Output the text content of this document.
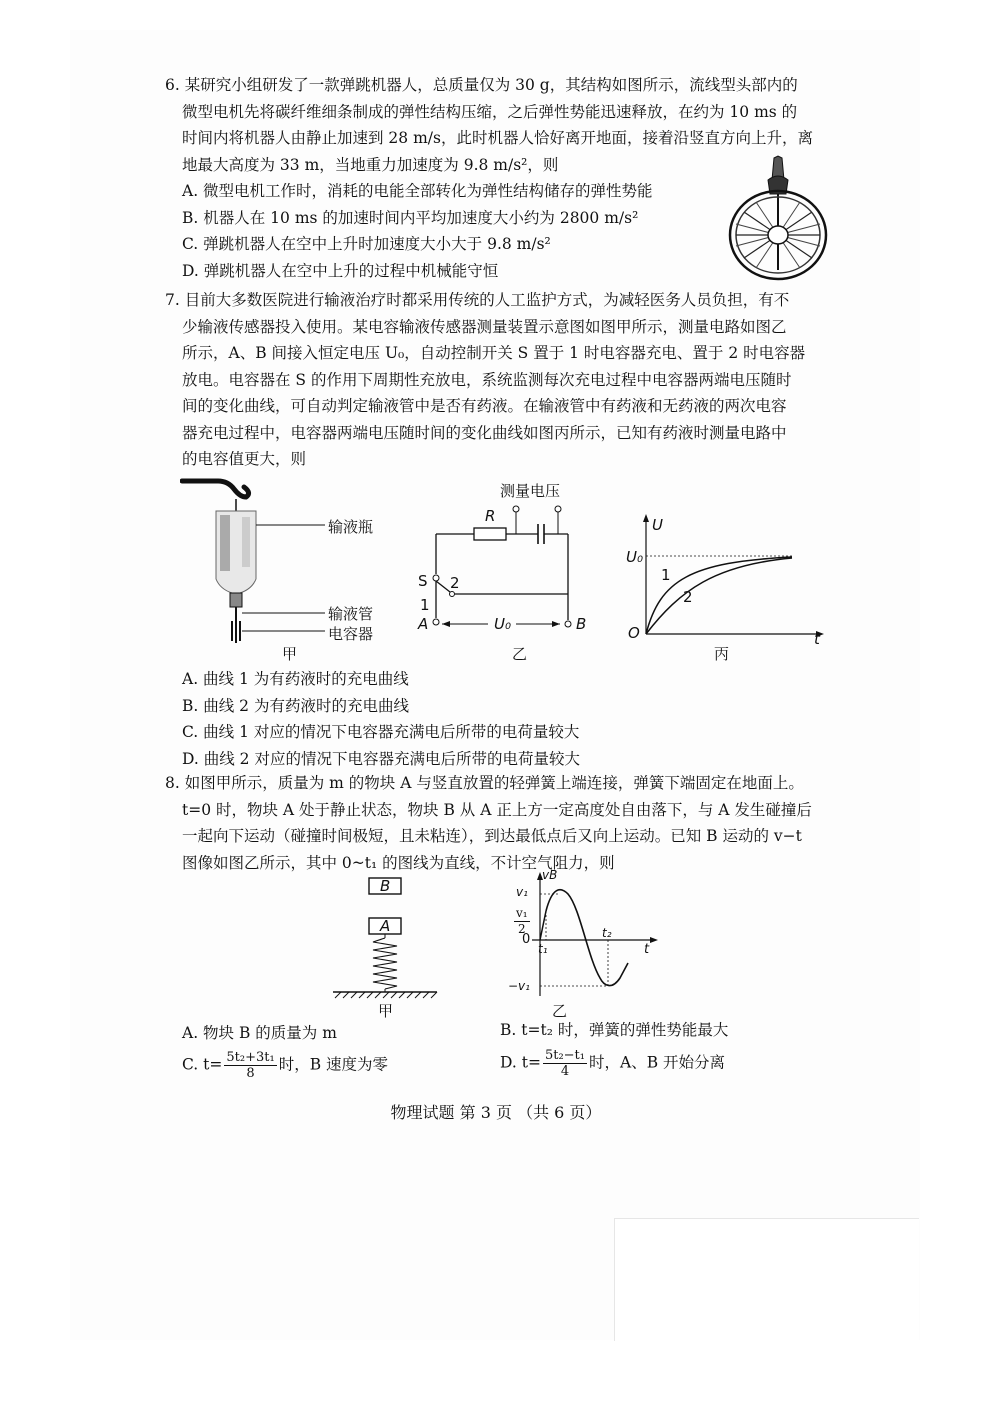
6. 某研究小组研发了一款弹跳机器人，总质量仅为 30 g，其结构如图所示，流线型头部内的
微型电机先将碳纤维细条制成的弹性结构压缩，之后弹性势能迅速释放，在约为 10 ms 的
时间内将机器人由静止加速到 28 m/s，此时机器人恰好离开地面，接着沿竖直方向上升，离
地最大高度为 33 m，当地重力加速度为 9.8 m/s²，则
A. 微型电机工作时，消耗的电能全部转化为弹性结构储存的弹性势能
B. 机器人在 10 ms 的加速时间内平均加速度大小约为 2800 m/s²
C. 弹跳机器人在空中上升时加速度大小大于 9.8 m/s²
D. 弹跳机器人在空中上升的过程中机械能守恒
7. 目前大多数医院进行输液治疗时都采用传统的人工监护方式，为减轻医务人员负担，有不
少输液传感器投入使用。某电容输液传感器测量装置示意图如图甲所示，测量电路如图乙
所示，A、B 间接入恒定电压 U₀，自动控制开关 S 置于 1 时电容器充电、置于 2 时电容器
放电。电容器在 S 的作用下周期性充放电，系统监测每次充电过程中电容器两端电压随时
间的变化曲线，可自动判定输液管中是否有药液。在输液管中有药液和无药液的两次电容
器充电过程中，电容器两端电压随时间的变化曲线如图丙所示，已知有药液时测量电路中
的电容值更大，则
输液瓶
输液管
电容器
甲
测量电压
R
S 2
1
A	B
U₀
乙
U
U₀
1
2
O	t
丙
A. 曲线 1 为有药液时的充电曲线
B. 曲线 2 为有药液时的充电曲线
C. 曲线 1 对应的情况下电容器充满电后所带的电荷量较大
D. 曲线 2 对应的情况下电容器充满电后所带的电荷量较大
8. 如图甲所示，质量为 m 的物块 A 与竖直放置的轻弹簧上端连接，弹簧下端固定在地面上。
t=0 时，物块 A 处于静止状态，物块 B 从 A 正上方一定高度处自由落下，与 A 发生碰撞后
一起向下运动（碰撞时间极短，且未粘连），到达最低点后又向上运动。已知 B 运动的 v−t
图像如图乙所示，其中 0~t₁ 的图线为直线，不计空气阻力，则
B
A
甲
vB
v₁
$\frac{\text{v₁}}{2}$
0
t₁
t₂
t
−v₁
乙
A. 物块 B 的质量为 m	B. t=t₂ 时，弹簧的弹性势能最大
C. $t= \frac{\text{5t₂+3t₁}}{8}$ 时，B 速度为零	D. $t= \frac{\text{5t₂−t₁}}{4}$ 时，A、B 开始分离
物理试题 第 3 页 （共 6 页）
